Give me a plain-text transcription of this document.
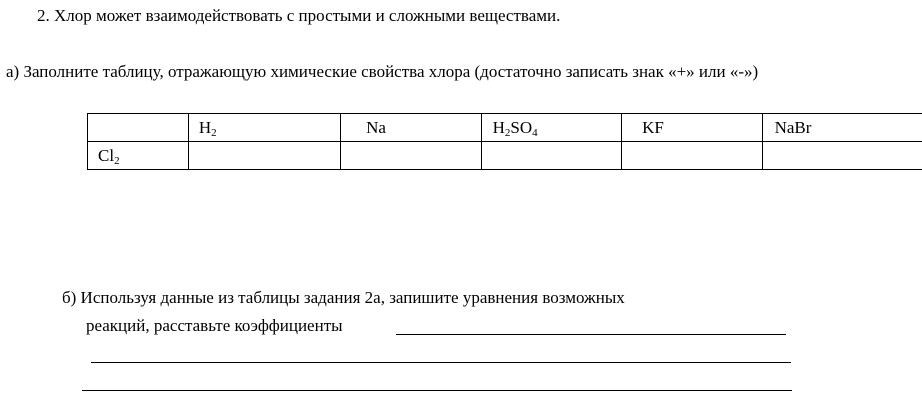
2. Хлор может взаимодействовать с простыми и сложными веществами.
а) Заполните таблицу, отражающую химические свойства хлора (достаточно записать знак «+» или «-»)
	$H_2$	Na	$H_2SO_4$	KF	NaBr
$Cl_2$					
б) Используя данные из таблицы задания 2а, запишите уравнения возможных
реакций, расставьте коэффициенты
